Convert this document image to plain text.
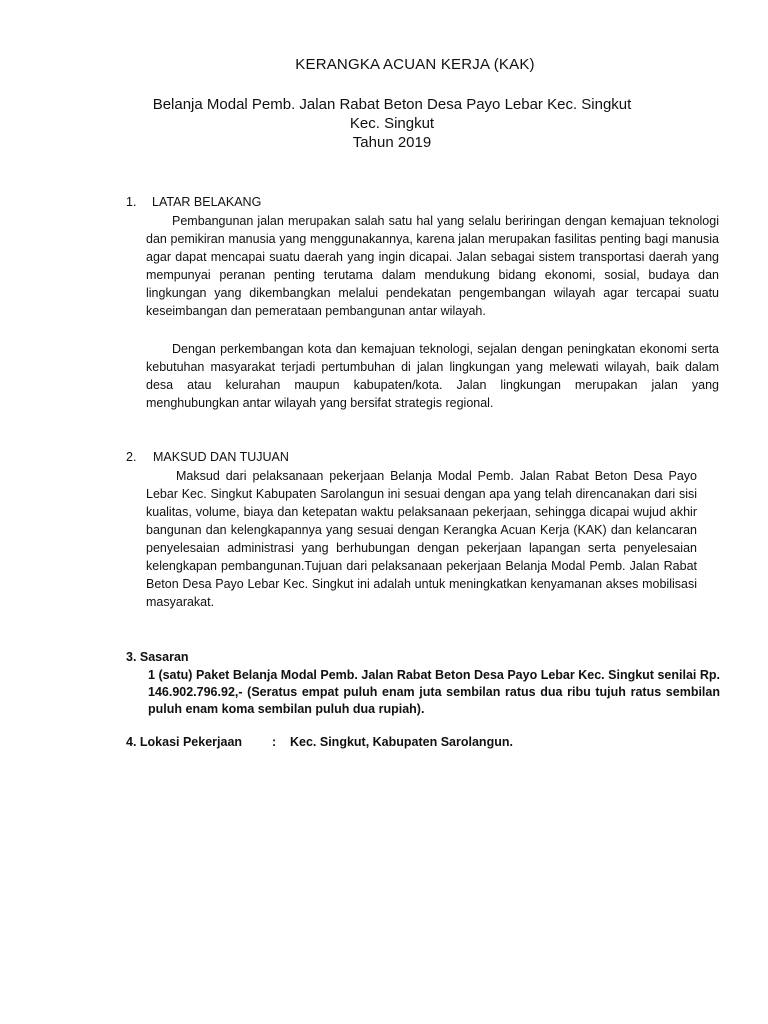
KERANGKA ACUAN KERJA (KAK)
Belanja Modal Pemb. Jalan Rabat Beton Desa Payo Lebar Kec. Singkut
Kec. Singkut
Tahun 2019
1. LATAR BELAKANG

Pembangunan jalan merupakan salah satu hal yang selalu beriringan dengan kemajuan teknologi dan pemikiran manusia yang menggunakannya, karena jalan merupakan fasilitas penting bagi manusia agar dapat mencapai suatu daerah yang ingin dicapai. Jalan sebagai sistem transportasi daerah yang mempunyai peranan penting terutama dalam mendukung bidang ekonomi, sosial, budaya dan lingkungan yang dikembangkan melalui pendekatan pengembangan wilayah agar tercapai suatu keseimbangan dan pemerataan pembangunan antar wilayah.

Dengan perkembangan kota dan kemajuan teknologi, sejalan dengan peningkatan ekonomi serta kebutuhan masyarakat terjadi pertumbuhan di jalan lingkungan yang melewati wilayah, baik dalam desa atau kelurahan maupun kabupaten/kota. Jalan lingkungan merupakan jalan yang menghubungkan antar wilayah yang bersifat strategis regional.

2. MAKSUD DAN TUJUAN

Maksud dari pelaksanaan pekerjaan Belanja Modal Pemb. Jalan Rabat Beton Desa Payo Lebar Kec. Singkut Kabupaten Sarolangun ini sesuai dengan apa yang telah direncanakan dari sisi kualitas, volume, biaya dan ketepatan waktu pelaksanaan pekerjaan, sehingga dicapai wujud akhir bangunan dan kelengkapannya yang sesuai dengan Kerangka Acuan Kerja (KAK) dan kelancaran penyelesaian administrasi yang berhubungan dengan pekerjaan lapangan serta penyelesaian kelengkapan pembangunan.Tujuan dari pelaksanaan pekerjaan Belanja Modal Pemb. Jalan Rabat Beton Desa Payo Lebar Kec. Singkut ini adalah untuk meningkatkan kenyamanan akses mobilisasi masyarakat.

3. Sasaran

1 (satu) Paket Belanja Modal Pemb. Jalan Rabat Beton Desa Payo Lebar Kec. Singkut senilai Rp. 146.902.796.92,- (Seratus empat puluh enam juta sembilan ratus dua ribu tujuh ratus sembilan puluh enam koma sembilan puluh dua rupiah).

4. Lokasi Pekerjaan : Kec. Singkut, Kabupaten Sarolangun.
